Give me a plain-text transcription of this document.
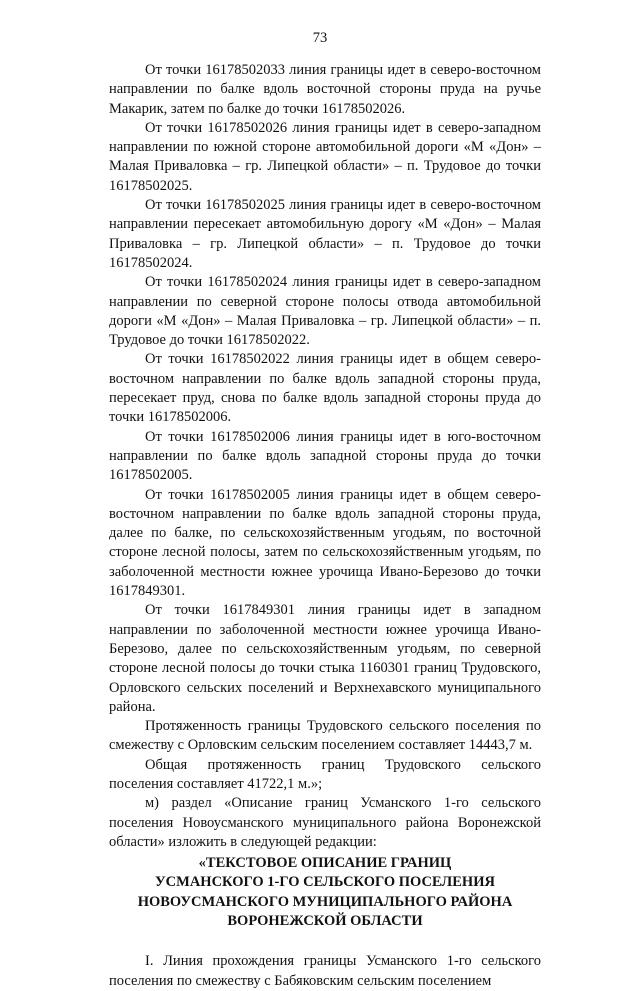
73

От точки 16178502033 линия границы идет в северо-восточном направлении по балке вдоль восточной стороны пруда на ручье Макарик, затем по балке до точки 16178502026.

От точки 16178502026 линия границы идет в северо-западном направлении по южной стороне автомобильной дороги «М «Дон» – Малая Приваловка – гр. Липецкой области» – п. Трудовое до точки 16178502025.

От точки 16178502025 линия границы идет в северо-восточном направлении пересекает автомобильную дорогу «М «Дон» – Малая Приваловка – гр. Липецкой области» – п. Трудовое до точки 16178502024.

От точки 16178502024 линия границы идет в северо-западном направлении по северной стороне полосы отвода автомобильной дороги «М «Дон» – Малая Приваловка – гр. Липецкой области» – п. Трудовое до точки 16178502022.

От точки 16178502022 линия границы идет в общем северо-восточном направлении по балке вдоль западной стороны пруда, пересекает пруд, снова по балке вдоль западной стороны пруда до точки 16178502006.

От точки 16178502006 линия границы идет в юго-восточном направлении по балке вдоль западной стороны пруда до точки 16178502005.

От точки 16178502005 линия границы идет в общем северо-восточном направлении по балке вдоль западной стороны пруда, далее по балке, по сельскохозяйственным угодьям, по восточной стороне лесной полосы, затем по сельскохозяйственным угодьям, по заболоченной местности южнее урочища Ивано-Березово до точки 1617849301.

От точки 1617849301 линия границы идет в западном направлении по заболоченной местности южнее урочища Ивано-Березово, далее по сельскохозяйственным угодьям, по северной стороне лесной полосы до точки стыка 1160301 границ Трудовского, Орловского сельских поселений и Верхнехавского муниципального района.

Протяженность границы Трудовского сельского поселения по смежеству с Орловским сельским поселением составляет 14443,7 м.

Общая протяженность границ Трудовского сельского поселения составляет 41722,1 м.»;

м) раздел «Описание границ Усманского 1-го сельского поселения Новоусманского муниципального района Воронежской области» изложить в следующей редакции:

«ТЕКСТОВОЕ ОПИСАНИЕ ГРАНИЦ
УСМАНСКОГО 1-ГО СЕЛЬСКОГО ПОСЕЛЕНИЯ
НОВОУСМАНСКОГО МУНИЦИПАЛЬНОГО РАЙОНА
ВОРОНЕЖСКОЙ ОБЛАСТИ

I. Линия прохождения границы Усманского 1-го сельского поселения по смежеству с Бабяковским сельским поселением
